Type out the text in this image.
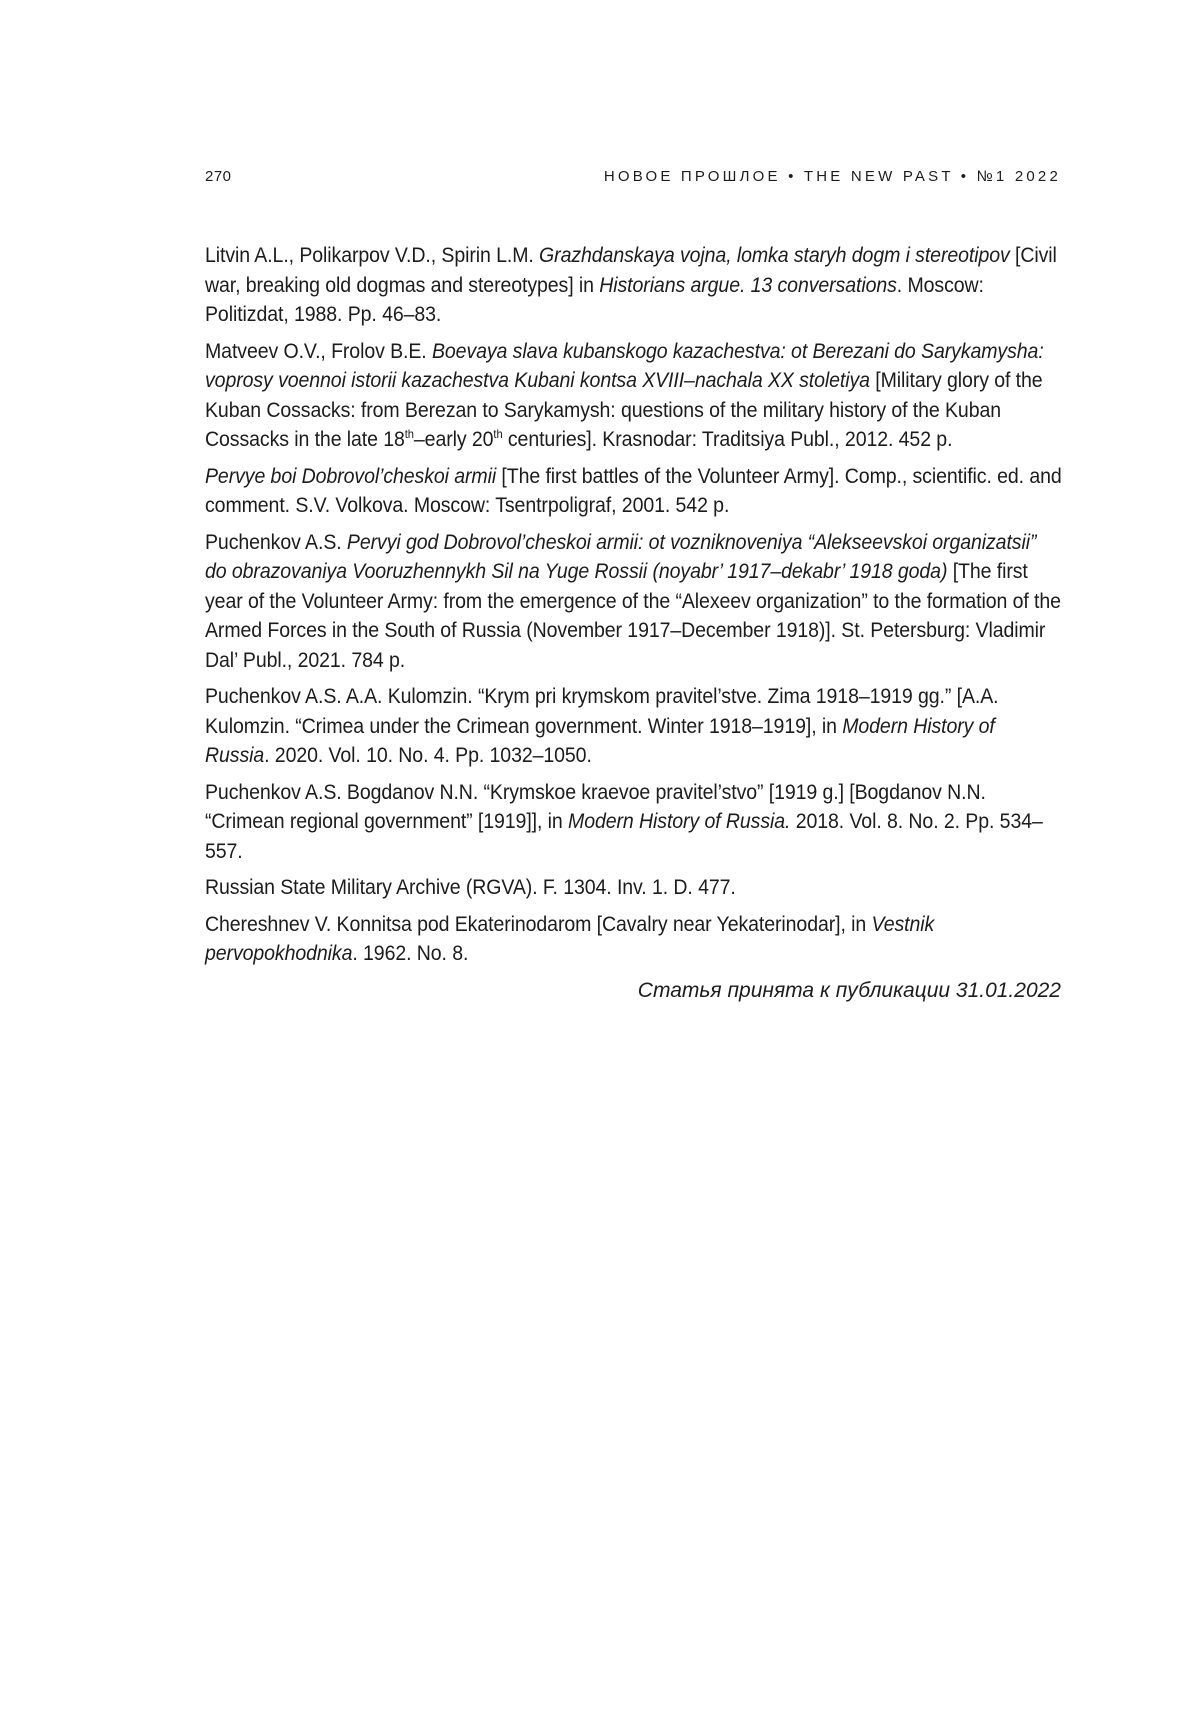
270	НОВОЕ ПРОШЛОЕ • THE NEW PAST • №1 2022

Litvin A.L., Polikarpov V.D., Spirin L.M. Grazhdanskaya vojna, lomka staryh dogm i stereotipov [Civil war, breaking old dogmas and stereotypes] in Historians argue. 13 conversations. Moscow: Politizdat, 1988. Pp. 46–83.

Matveev O.V., Frolov B.E. Boevaya slava kubanskogo kazachestva: ot Berezani do Sarykamysha: voprosy voennoi istorii kazachestva Kubani kontsa XVIII–nachala XX stoletiya [Military glory of the Kuban Cossacks: from Berezan to Sarykamysh: questions of the military history of the Kuban Cossacks in the late 18th–early 20th centuries]. Krasnodar: Traditsiya Publ., 2012. 452 p.

Pervye boi Dobrovol’cheskoi armii [The first battles of the Volunteer Army]. Comp., scientific. ed. and comment. S.V. Volkova. Moscow: Tsentrpoligraf, 2001. 542 p.

Puchenkov A.S. Pervyi god Dobrovol’cheskoi armii: ot vozniknoveniya “Alekseevskoi organizatsii” do obrazovaniya Vooruzhennykh Sil na Yuge Rossii (noyabr’ 1917–dekabr’ 1918 goda) [The first year of the Volunteer Army: from the emergence of the “Alexeev organization” to the formation of the Armed Forces in the South of Russia (November 1917–December 1918)]. St. Petersburg: Vladimir Dal’ Publ., 2021. 784 p.

Puchenkov A.S. A.A. Kulomzin. “Krym pri krymskom pravitel’stve. Zima 1918–1919 gg.” [A.A. Kulomzin. “Crimea under the Crimean government. Winter 1918–1919], in Modern History of Russia. 2020. Vol. 10. No. 4. Pp. 1032–1050.

Puchenkov A.S. Bogdanov N.N. “Krymskoe kraevoe pravitel’stvo” [1919 g.] [Bogdanov N.N. “Crimean regional government” [1919]], in Modern History of Russia. 2018. Vol. 8. No. 2. Pp. 534–557.

Russian State Military Archive (RGVA). F. 1304. Inv. 1. D. 477.

Chereshnev V. Konnitsa pod Ekaterinodarom [Cavalry near Yekaterinodar], in Vestnik pervopokhodnika. 1962. No. 8.

Статья принята к публикации 31.01.2022
